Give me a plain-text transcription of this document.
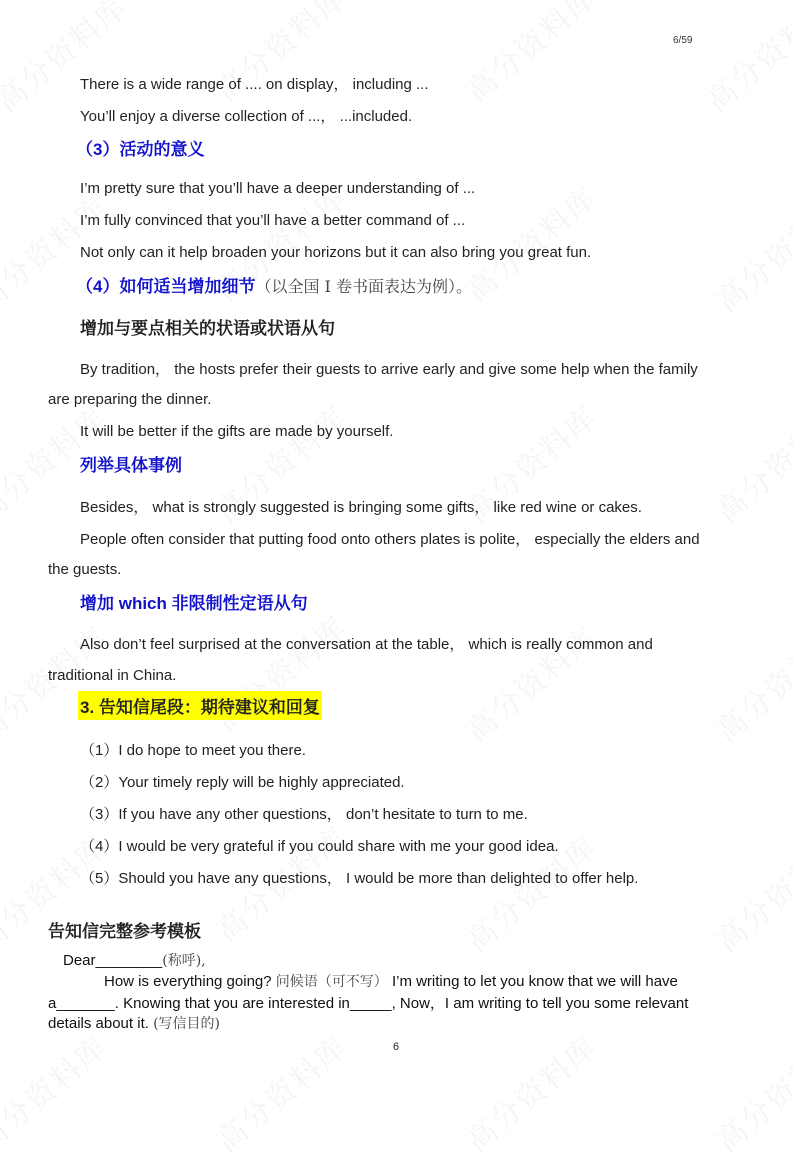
6/59
There is a wide range of .... on display， including ...
You’ll enjoy a diverse collection of ...， ...included.
（3）活动的意义
I’m pretty sure that you’ll have a deeper understanding of ...
I’m fully convinced that you’ll have a better command of ...
Not only can it help broaden your horizons but it can also bring you great fun.
（4）如何适当增加细节（以全国 I 卷书面表达为例）。
增加与要点相关的状语或状语从句
By tradition， the hosts prefer their guests to arrive early and give some help when the family
are preparing the dinner.
It will be better if the gifts are made by yourself.
列举具体事例
Besides， what is strongly suggested is bringing some gifts， like red wine or cakes.
People often consider that putting food onto others plates is polite， especially the elders and
the guests.
增加 which 非限制性定语从句
Also don’t feel surprised at the conversation at the table， which is really common and
traditional in China.
3. 告知信尾段：期待建议和回复
（1）I do hope to meet you there.
（2）Your timely reply will be highly appreciated.
（3）If you have any other questions， don’t hesitate to turn to me.
（4）I would be very grateful if you could share with me your good idea.
（5）Should you have any questions， I would be more than delighted to offer help.
告知信完整参考模板
Dear________(称呼),
How is everything going? 问候语（可不写） I’m writing to let you know that we will have
a_______. Knowing that you are interested in_____, Now，I am writing to tell you some relevant
details about it. (写信目的)
6
